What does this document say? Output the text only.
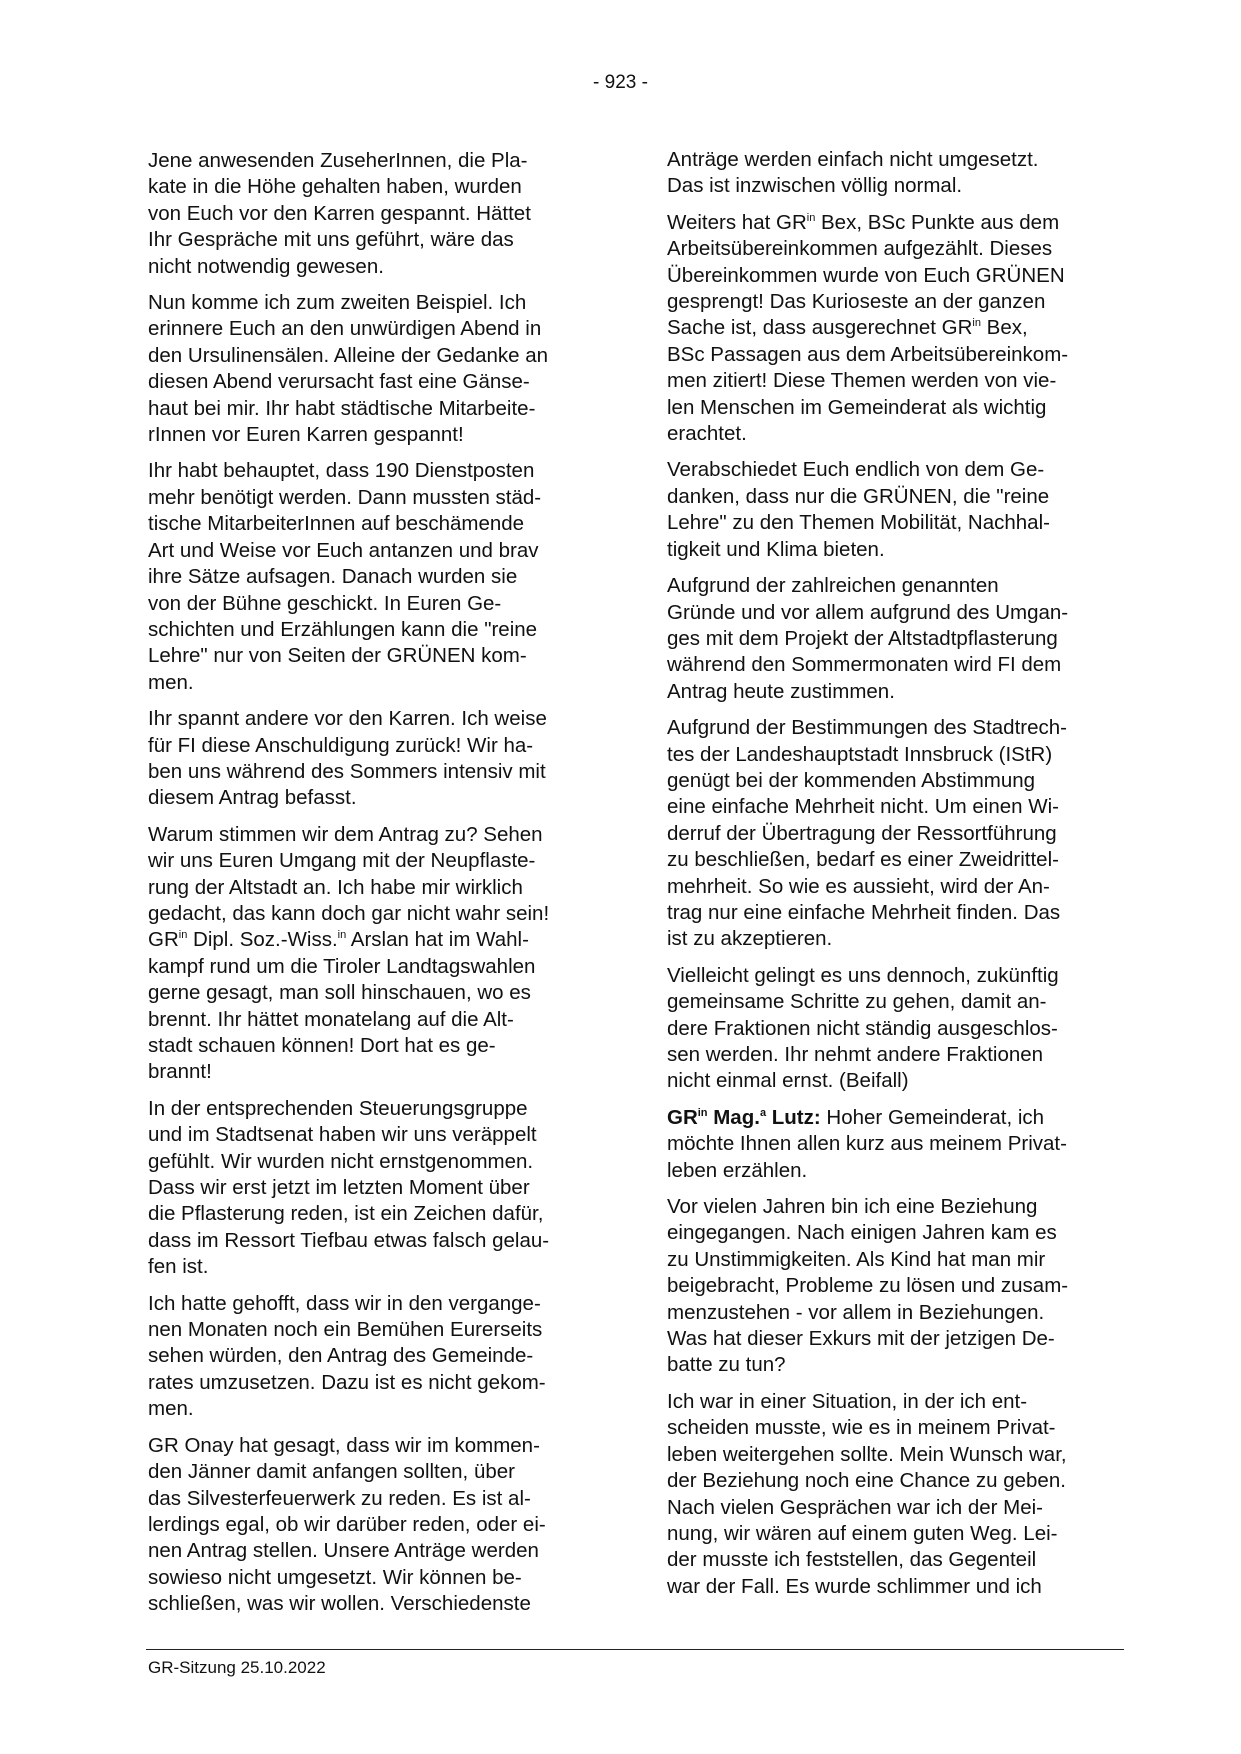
- 923 -

Jene anwesenden ZuseherInnen, die Pla-
kate in die Höhe gehalten haben, wurden
von Euch vor den Karren gespannt. Hättet
Ihr Gespräche mit uns geführt, wäre das
nicht notwendig gewesen.

Nun komme ich zum zweiten Beispiel. Ich
erinnere Euch an den unwürdigen Abend in
den Ursulinensälen. Alleine der Gedanke an
diesen Abend verursacht fast eine Gänse-
haut bei mir. Ihr habt städtische Mitarbeite-
rInnen vor Euren Karren gespannt!

Ihr habt behauptet, dass 190 Dienstposten
mehr benötigt werden. Dann mussten städ-
tische MitarbeiterInnen auf beschämende
Art und Weise vor Euch antanzen und brav
ihre Sätze aufsagen. Danach wurden sie
von der Bühne geschickt. In Euren Ge-
schichten und Erzählungen kann die "reine
Lehre" nur von Seiten der GRÜNEN kom-
men.

Ihr spannt andere vor den Karren. Ich weise
für FI diese Anschuldigung zurück! Wir ha-
ben uns während des Sommers intensiv mit
diesem Antrag befasst.

Warum stimmen wir dem Antrag zu? Sehen
wir uns Euren Umgang mit der Neupflaste-
rung der Altstadt an. Ich habe mir wirklich
gedacht, das kann doch gar nicht wahr sein!
$GR^{in}$ Dipl. Soz.-Wiss.$^{in}$ Arslan hat im Wahl-
kampf rund um die Tiroler Landtagswahlen
gerne gesagt, man soll hinschauen, wo es
brennt. Ihr hättet monatelang auf die Alt-
stadt schauen können! Dort hat es ge-
brannt!

In der entsprechenden Steuerungsgruppe
und im Stadtsenat haben wir uns veräppelt
gefühlt. Wir wurden nicht ernstgenommen.
Dass wir erst jetzt im letzten Moment über
die Pflasterung reden, ist ein Zeichen dafür,
dass im Ressort Tiefbau etwas falsch gelau-
fen ist.

Ich hatte gehofft, dass wir in den vergange-
nen Monaten noch ein Bemühen Eurerseits
sehen würden, den Antrag des Gemeinde-
rates umzusetzen. Dazu ist es nicht gekom-
men.

GR Onay hat gesagt, dass wir im kommen-
den Jänner damit anfangen sollten, über
das Silvesterfeuerwerk zu reden. Es ist al-
lerdings egal, ob wir darüber reden, oder ei-
nen Antrag stellen. Unsere Anträge werden
sowieso nicht umgesetzt. Wir können be-
schließen, was wir wollen. Verschiedenste

Anträge werden einfach nicht umgesetzt.
Das ist inzwischen völlig normal.

Weiters hat $GR^{in}$ Bex, BSc Punkte aus dem
Arbeitsübereinkommen aufgezählt. Dieses
Übereinkommen wurde von Euch GRÜNEN
gesprengt! Das Kurioseste an der ganzen
Sache ist, dass ausgerechnet $GR^{in}$ Bex,
BSc Passagen aus dem Arbeitsübereinkom-
men zitiert! Diese Themen werden von vie-
len Menschen im Gemeinderat als wichtig
erachtet.

Verabschiedet Euch endlich von dem Ge-
danken, dass nur die GRÜNEN, die "reine
Lehre" zu den Themen Mobilität, Nachhal-
tigkeit und Klima bieten.

Aufgrund der zahlreichen genannten
Gründe und vor allem aufgrund des Umgan-
ges mit dem Projekt der Altstadtpflasterung
während den Sommermonaten wird FI dem
Antrag heute zustimmen.

Aufgrund der Bestimmungen des Stadtrech-
tes der Landeshauptstadt Innsbruck (IStR)
genügt bei der kommenden Abstimmung
eine einfache Mehrheit nicht. Um einen Wi-
derruf der Übertragung der Ressortführung
zu beschließen, bedarf es einer Zweidrittel-
mehrheit. So wie es aussieht, wird der An-
trag nur eine einfache Mehrheit finden. Das
ist zu akzeptieren.

Vielleicht gelingt es uns dennoch, zukünftig
gemeinsame Schritte zu gehen, damit an-
dere Fraktionen nicht ständig ausgeschlos-
sen werden. Ihr nehmt andere Fraktionen
nicht einmal ernst. (Beifall)

$GR^{in}$ Mag.$^a$ Lutz: Hoher Gemeinderat, ich
möchte Ihnen allen kurz aus meinem Privat-
leben erzählen.

Vor vielen Jahren bin ich eine Beziehung
eingegangen. Nach einigen Jahren kam es
zu Unstimmigkeiten. Als Kind hat man mir
beigebracht, Probleme zu lösen und zusam-
menzustehen - vor allem in Beziehungen.
Was hat dieser Exkurs mit der jetzigen De-
batte zu tun?

Ich war in einer Situation, in der ich ent-
scheiden musste, wie es in meinem Privat-
leben weitergehen sollte. Mein Wunsch war,
der Beziehung noch eine Chance zu geben.
Nach vielen Gesprächen war ich der Mei-
nung, wir wären auf einem guten Weg. Lei-
der musste ich feststellen, das Gegenteil
war der Fall. Es wurde schlimmer und ich

GR-Sitzung 25.10.2022
